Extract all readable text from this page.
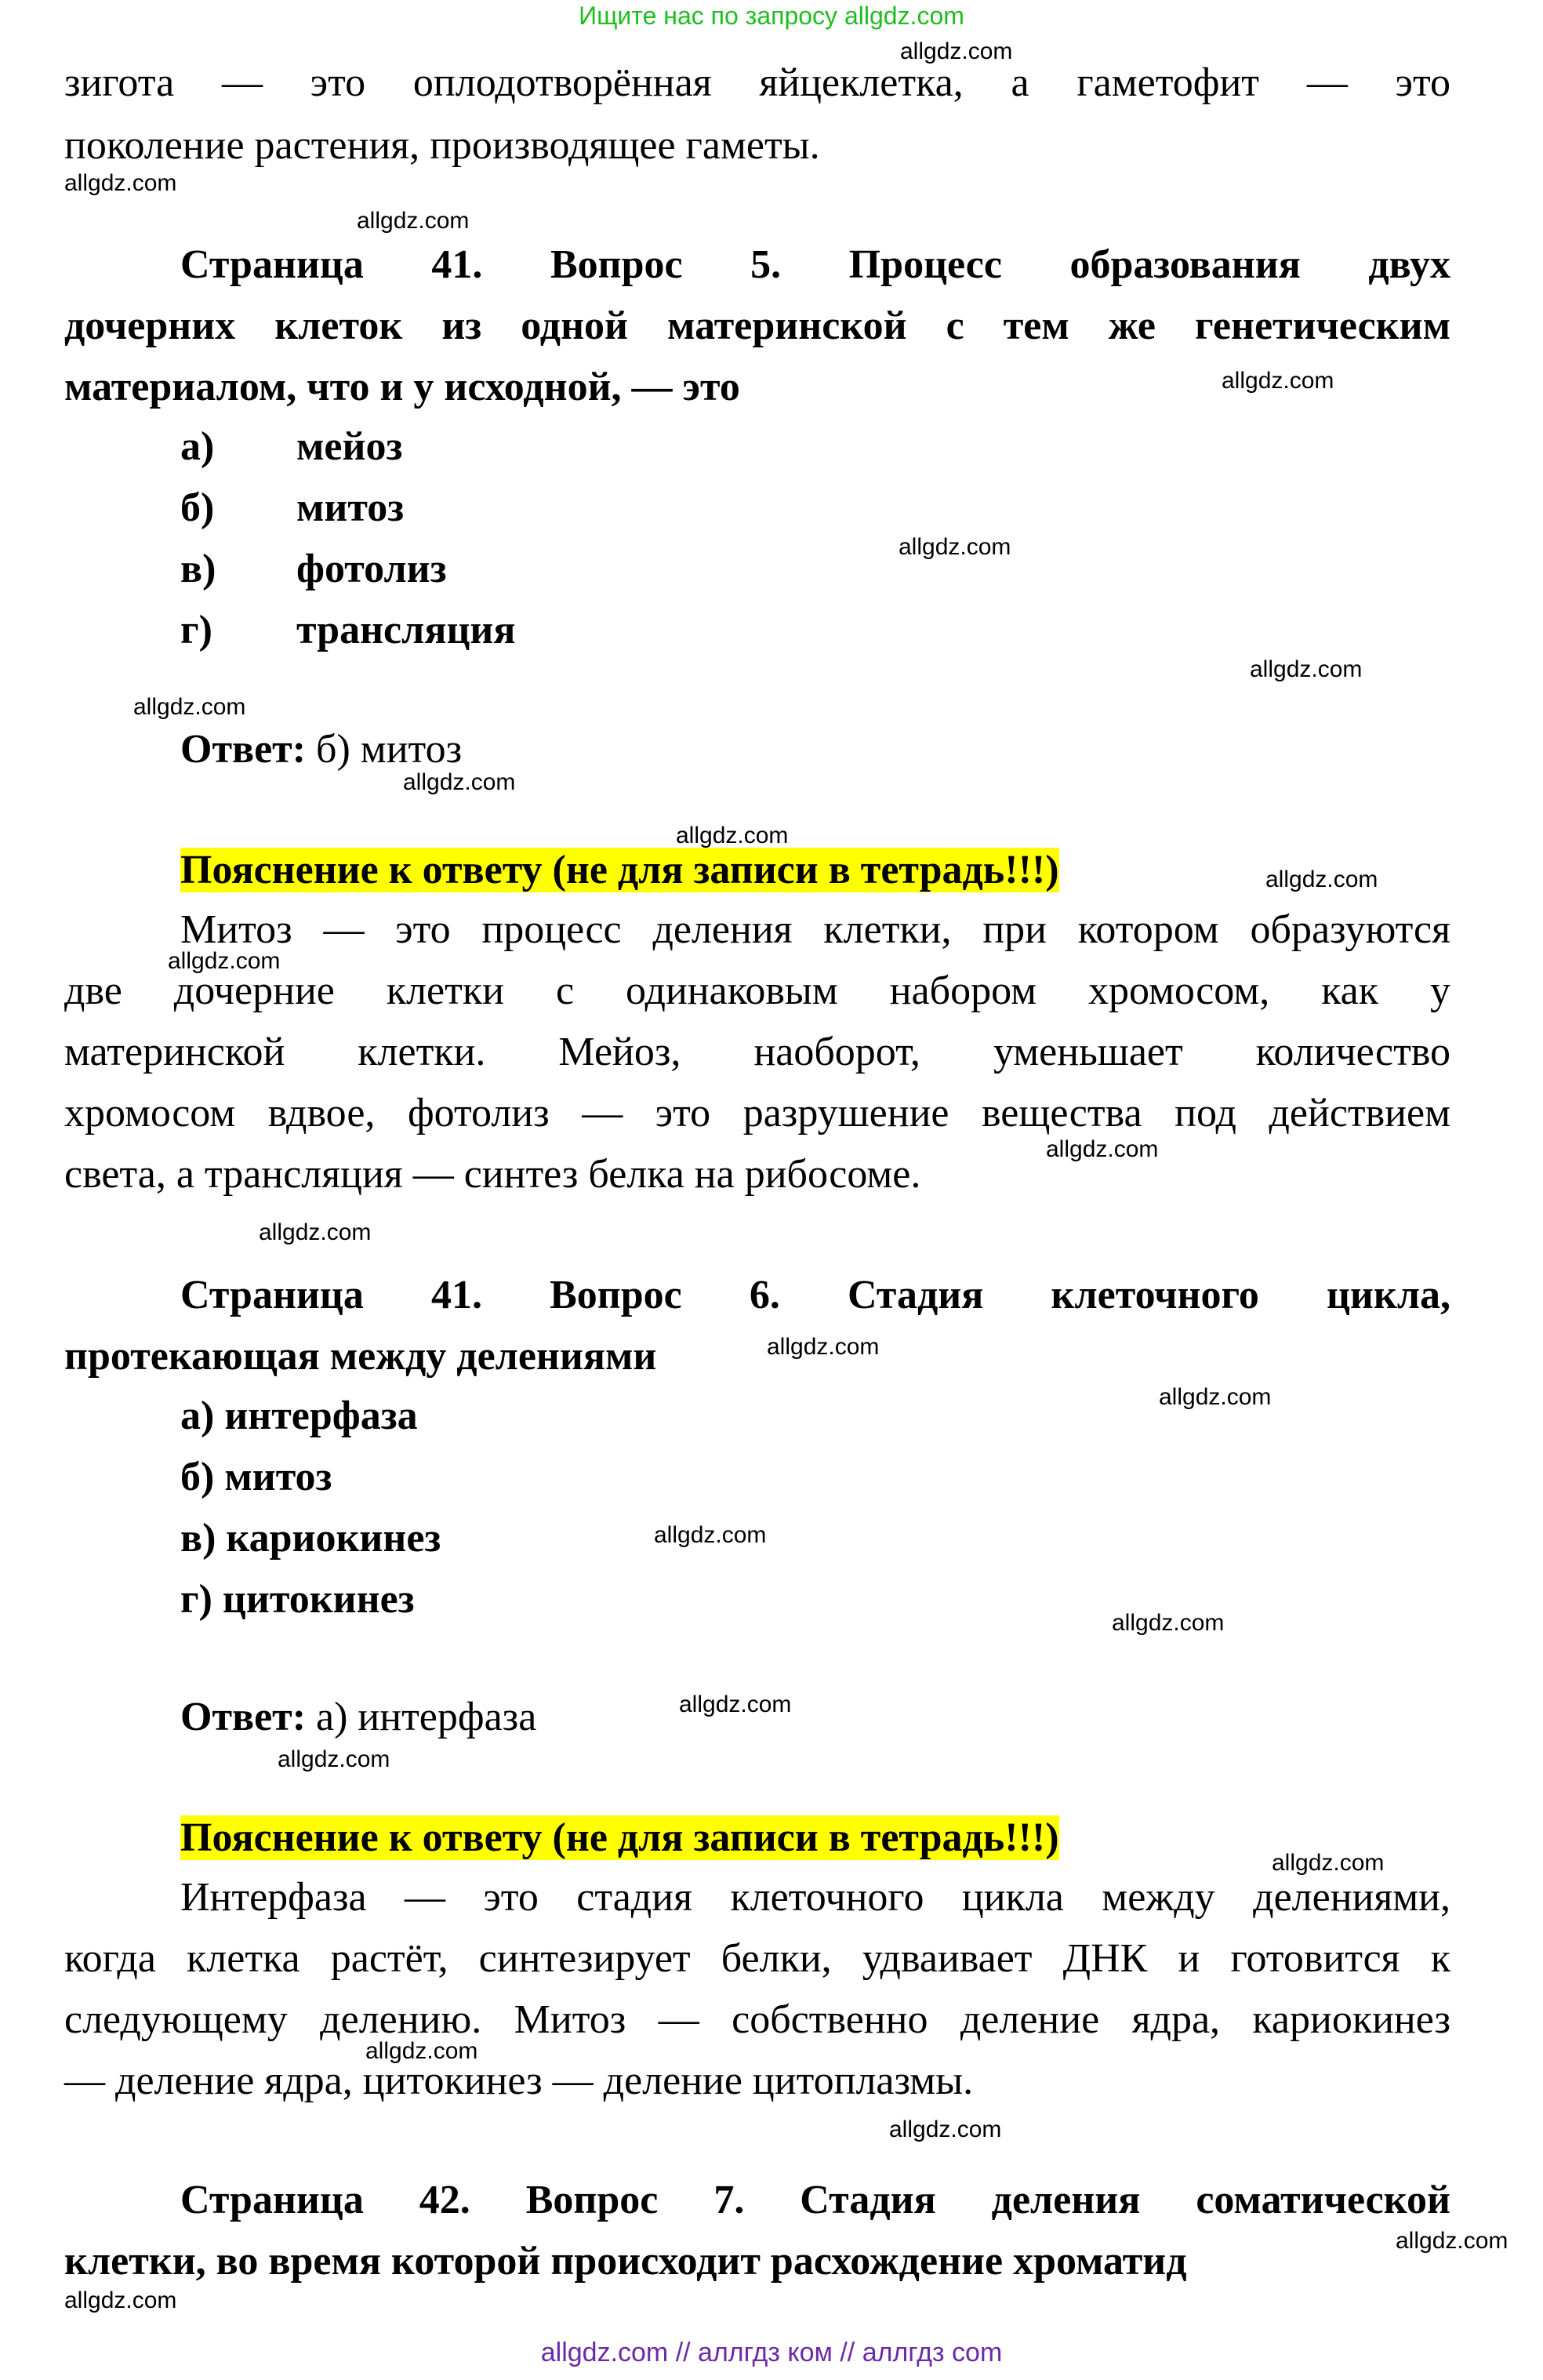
Ищите нас по запросу allgdz.com
зигота — это оплодотворённая яйцеклетка, а гаметофит — это
поколение растения, производящее гаметы.
Страница 41. Вопрос 5. Процесс образования двух
дочерних клеток из одной материнской с тем же генетическим
материалом, что и у исходной, — это
а) мейоз
б) митоз
в) фотолиз
г) трансляция
Ответ: б) митоз
Пояснение к ответу (не для записи в тетрадь!!!)
Митоз — это процесс деления клетки, при котором образуются
две дочерние клетки с одинаковым набором хромосом, как у
материнской клетки. Мейоз, наоборот, уменьшает количество
хромосом вдвое, фотолиз — это разрушение вещества под действием
света, а трансляция — синтез белка на рибосоме.
Страница 41. Вопрос 6. Стадия клеточного цикла,
протекающая между делениями
а) интерфаза
б) митоз
в) кариокинез
г) цитокинез
Ответ: а) интерфаза
Пояснение к ответу (не для записи в тетрадь!!!)
Интерфаза — это стадия клеточного цикла между делениями,
когда клетка растёт, синтезирует белки, удваивает ДНК и готовится к
следующему делению. Митоз — собственно деление ядра, кариокинез
— деление ядра, цитокинез — деление цитоплазмы.
Страница 42. Вопрос 7. Стадия деления соматической
клетки, во время которой происходит расхождение хроматид
allgdz.com
allgdz.com
allgdz.com
allgdz.com
allgdz.com
allgdz.com
allgdz.com
allgdz.com
allgdz.com
allgdz.com
allgdz.com
allgdz.com
allgdz.com
allgdz.com
allgdz.com
allgdz.com
allgdz.com
allgdz.com
allgdz.com
allgdz.com
allgdz.com
allgdz.com
allgdz.com
allgdz.com
allgdz.com // аллгдз ком // аллгдз com
